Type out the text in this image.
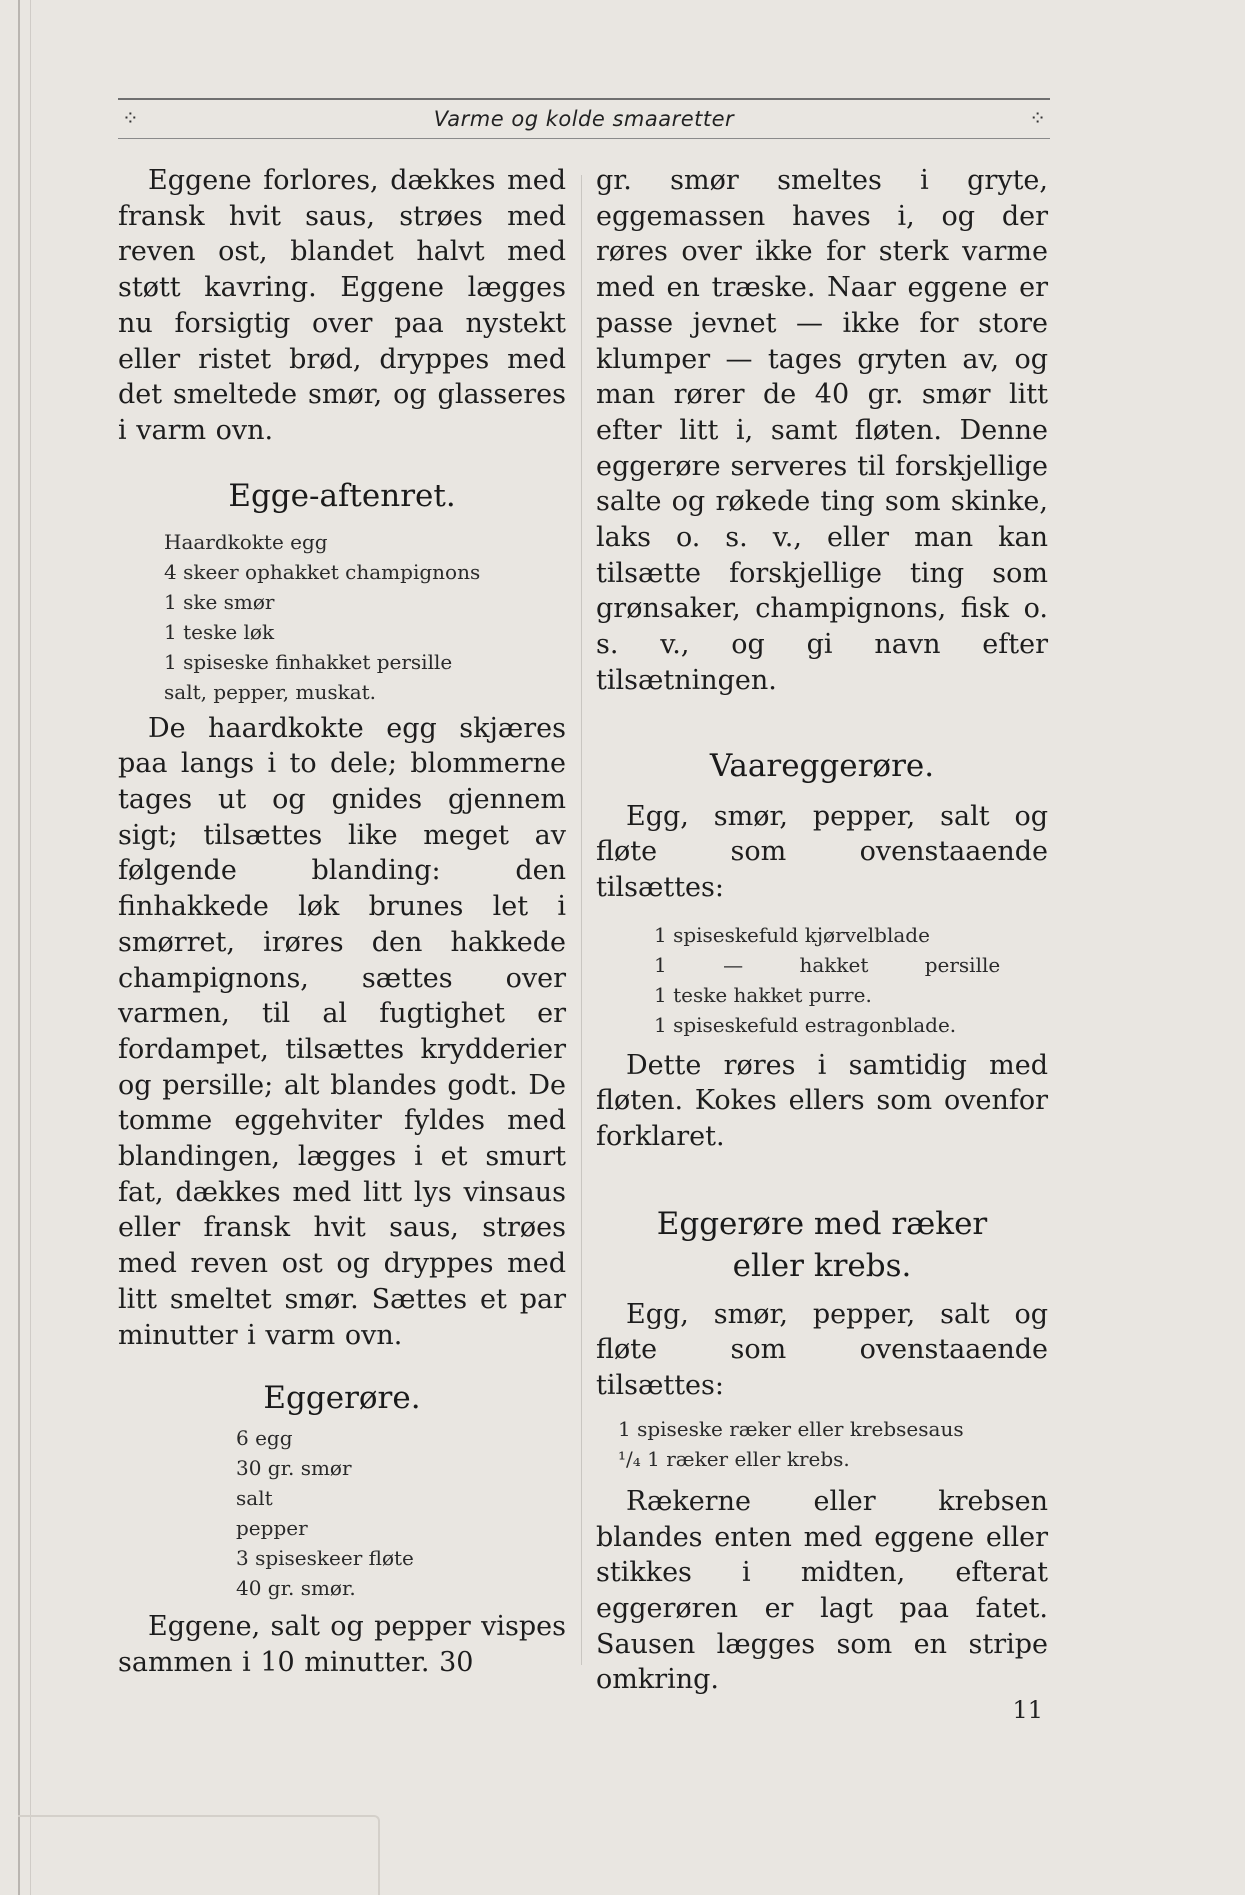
⁘	Varme og kolde smaaretter	⁘

Eggene forlores, dækkes med fransk hvit saus, strøes med reven ost, blandet halvt med støtt kavring. Eggene lægges nu forsigtig over paa nystekt eller ristet brød, dryppes med det smeltede smør, og glasseres i varm ovn.

Egge-aftenret.
Haardkokte egg
4 skeer ophakket champignons
1 ske smør
1 teske løk
1 spiseske finhakket persille
salt, pepper, muskat.

De haardkokte egg skjæres paa langs i to dele; blommerne tages ut og gnides gjennem sigt; tilsættes like meget av følgende blanding: den finhakkede løk brunes let i smørret, irøres den hakkede champignons, sættes over varmen, til al fugtighet er fordampet, tilsættes krydderier og persille; alt blandes godt. De tomme eggehviter fyldes med blandingen, lægges i et smurt fat, dækkes med litt lys vinsaus eller fransk hvit saus, strøes med reven ost og dryppes med litt smeltet smør. Sættes et par minutter i varm ovn.

Eggerøre.
6 egg
30 gr. smør
salt
pepper
3 spiseskeer fløte
40 gr. smør.

Eggene, salt og pepper vispes sammen i 10 minutter. 30

gr. smør smeltes i gryte, eggemassen haves i, og der røres over ikke for sterk varme med en træske. Naar eggene er passe jevnet — ikke for store klumper — tages gryten av, og man rører de 40 gr. smør litt efter litt i, samt fløten. Denne eggerøre serveres til forskjellige salte og røkede ting som skinke, laks o. s. v., eller man kan tilsætte forskjellige ting som grønsaker, champignons, fisk o. s. v., og gi navn efter tilsætningen.

Vaareggerøre.

Egg, smør, pepper, salt og fløte som ovenstaaende tilsættes:

1 spiseskefuld kjørvelblade
1 — hakket persille
1 teske hakket purre.
1 spiseskefuld estragonblade.

Dette røres i samtidig med fløten. Kokes ellers som ovenfor forklaret.

Eggerøre med ræker
eller krebs.

Egg, smør, pepper, salt og fløte som ovenstaaende tilsættes:

1 spiseske ræker eller krebsesaus
¹/₄ 1 ræker eller krebs.

Rækerne eller krebsen blandes enten med eggene eller stikkes i midten, efterat eggerøren er lagt paa fatet. Sausen lægges som en stripe omkring.

11
